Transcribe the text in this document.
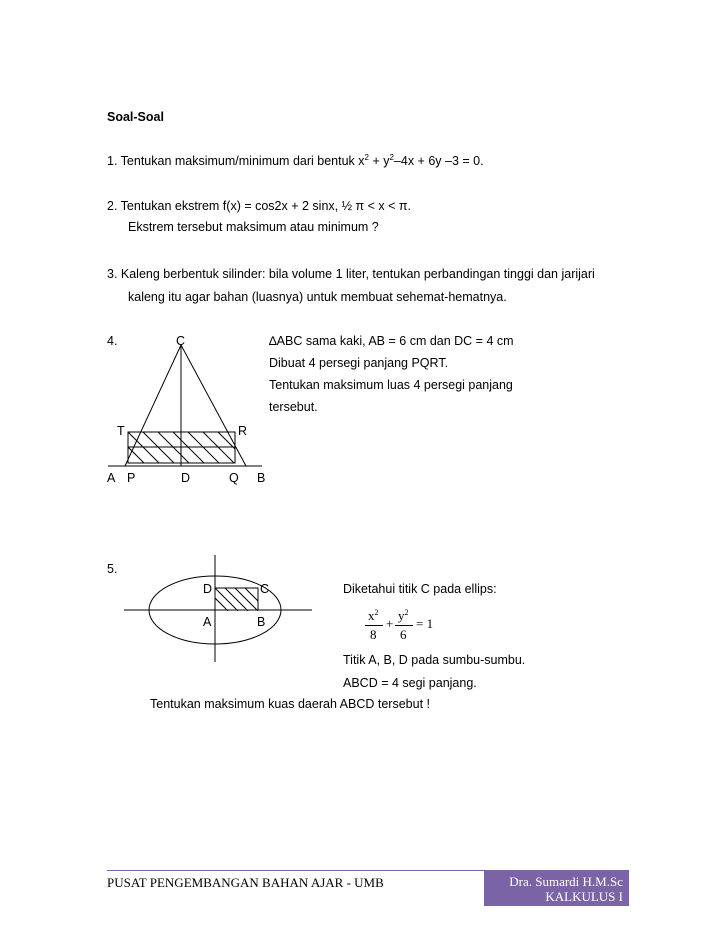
Soal-Soal
1. Tentukan maksimum/minimum dari bentuk $x^2 + y^2-4x + 6y$ –3 = 0.
2. Tentukan ekstrem f(x) = cos2x + 2 sinx, ½ π < x < π.
Ekstrem tersebut maksimum atau minimum ?
3. Kaleng berbentuk silinder: bila volume 1 liter, tentukan perbandingan tinggi dan jarijari
kaleng itu agar bahan (luasnya) untuk membuat sehemat-hematnya.
4.	∆ABC sama kaki, AB = 6 cm dan DC = 4 cm
Dibuat 4 persegi panjang PQRT.
Tentukan maksimum luas 4 persegi panjang
tersebut.
C
T	R
A P	D	Q B
5.
D	C
A	B
Diketahui titik C pada ellips:
$x^2$
8
+
$y^2$
6
= 1
Titik A, B, D pada sumbu-sumbu.
ABCD = 4 segi panjang.
Tentukan maksimum kuas daerah ABCD tersebut !
PUSAT PENGEMBANGAN BAHAN AJAR - UMB	Dra. Sumardi H.M.Sc
KALKULUS I
